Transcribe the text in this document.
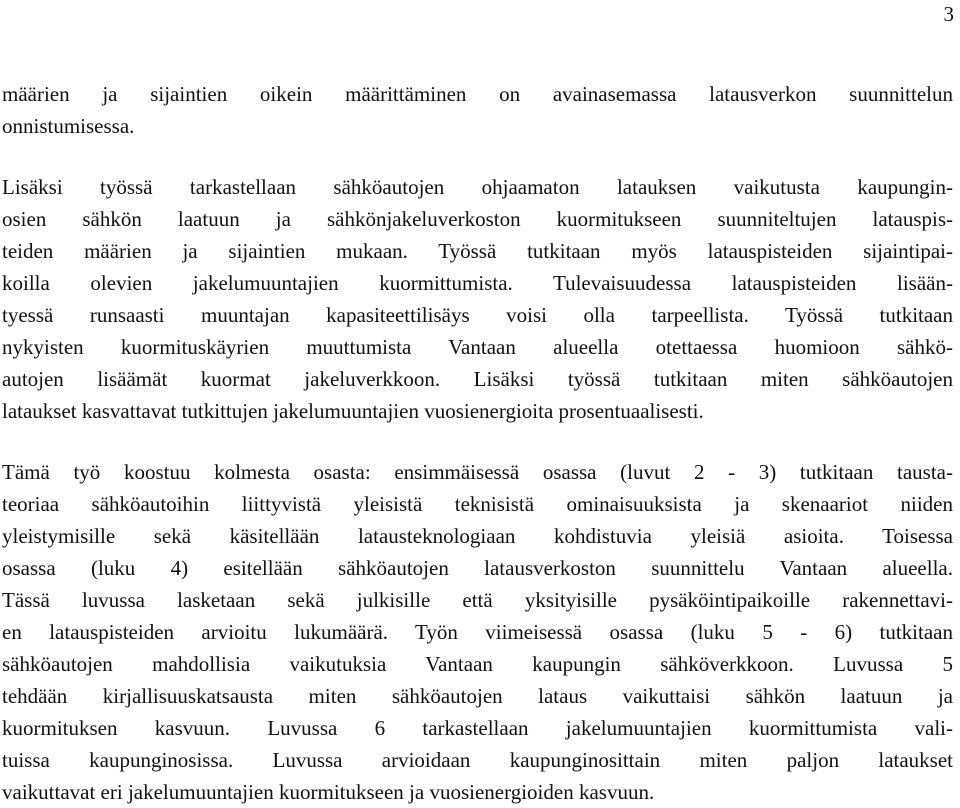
3

määrien ja sijaintien oikein määrittäminen on avainasemassa latausverkon suunnittelun
onnistumisessa.

Lisäksi työssä tarkastellaan sähköautojen ohjaamaton latauksen vaikutusta kaupungin-
osien sähkön laatuun ja sähkönjakeluverkoston kuormitukseen suunniteltujen latauspis-
teiden määrien ja sijaintien mukaan. Työssä tutkitaan myös latauspisteiden sijaintipai-
koilla olevien jakelumuuntajien kuormittumista. Tulevaisuudessa latauspisteiden lisään-
tyessä runsaasti muuntajan kapasiteettilisäys voisi olla tarpeellista. Työssä tutkitaan
nykyisten kuormituskäyrien muuttumista Vantaan alueella otettaessa huomioon sähkö-
autojen lisäämät kuormat jakeluverkkoon. Lisäksi työssä tutkitaan miten sähköautojen
lataukset kasvattavat tutkittujen jakelumuuntajien vuosienergioita prosentuaalisesti.

Tämä työ koostuu kolmesta osasta: ensimmäisessä osassa (luvut 2 - 3) tutkitaan tausta-
teoriaa sähköautoihin liittyvistä yleisistä teknisistä ominaisuuksista ja skenaariot niiden
yleistymisille sekä käsitellään latausteknologiaan kohdistuvia yleisiä asioita. Toisessa
osassa (luku 4) esitellään sähköautojen latausverkoston suunnittelu Vantaan alueella.
Tässä luvussa lasketaan sekä julkisille että yksityisille pysäköintipaikoille rakennettavi-
en latauspisteiden arvioitu lukumäärä. Työn viimeisessä osassa (luku 5 - 6) tutkitaan
sähköautojen mahdollisia vaikutuksia Vantaan kaupungin sähköverkkoon. Luvussa 5
tehdään kirjallisuuskatsausta miten sähköautojen lataus vaikuttaisi sähkön laatuun ja
kuormituksen kasvuun. Luvussa 6 tarkastellaan jakelumuuntajien kuormittumista vali-
tuissa kaupunginosissa. Luvussa arvioidaan kaupunginosittain miten paljon lataukset
vaikuttavat eri jakelumuuntajien kuormitukseen ja vuosienergioiden kasvuun.
